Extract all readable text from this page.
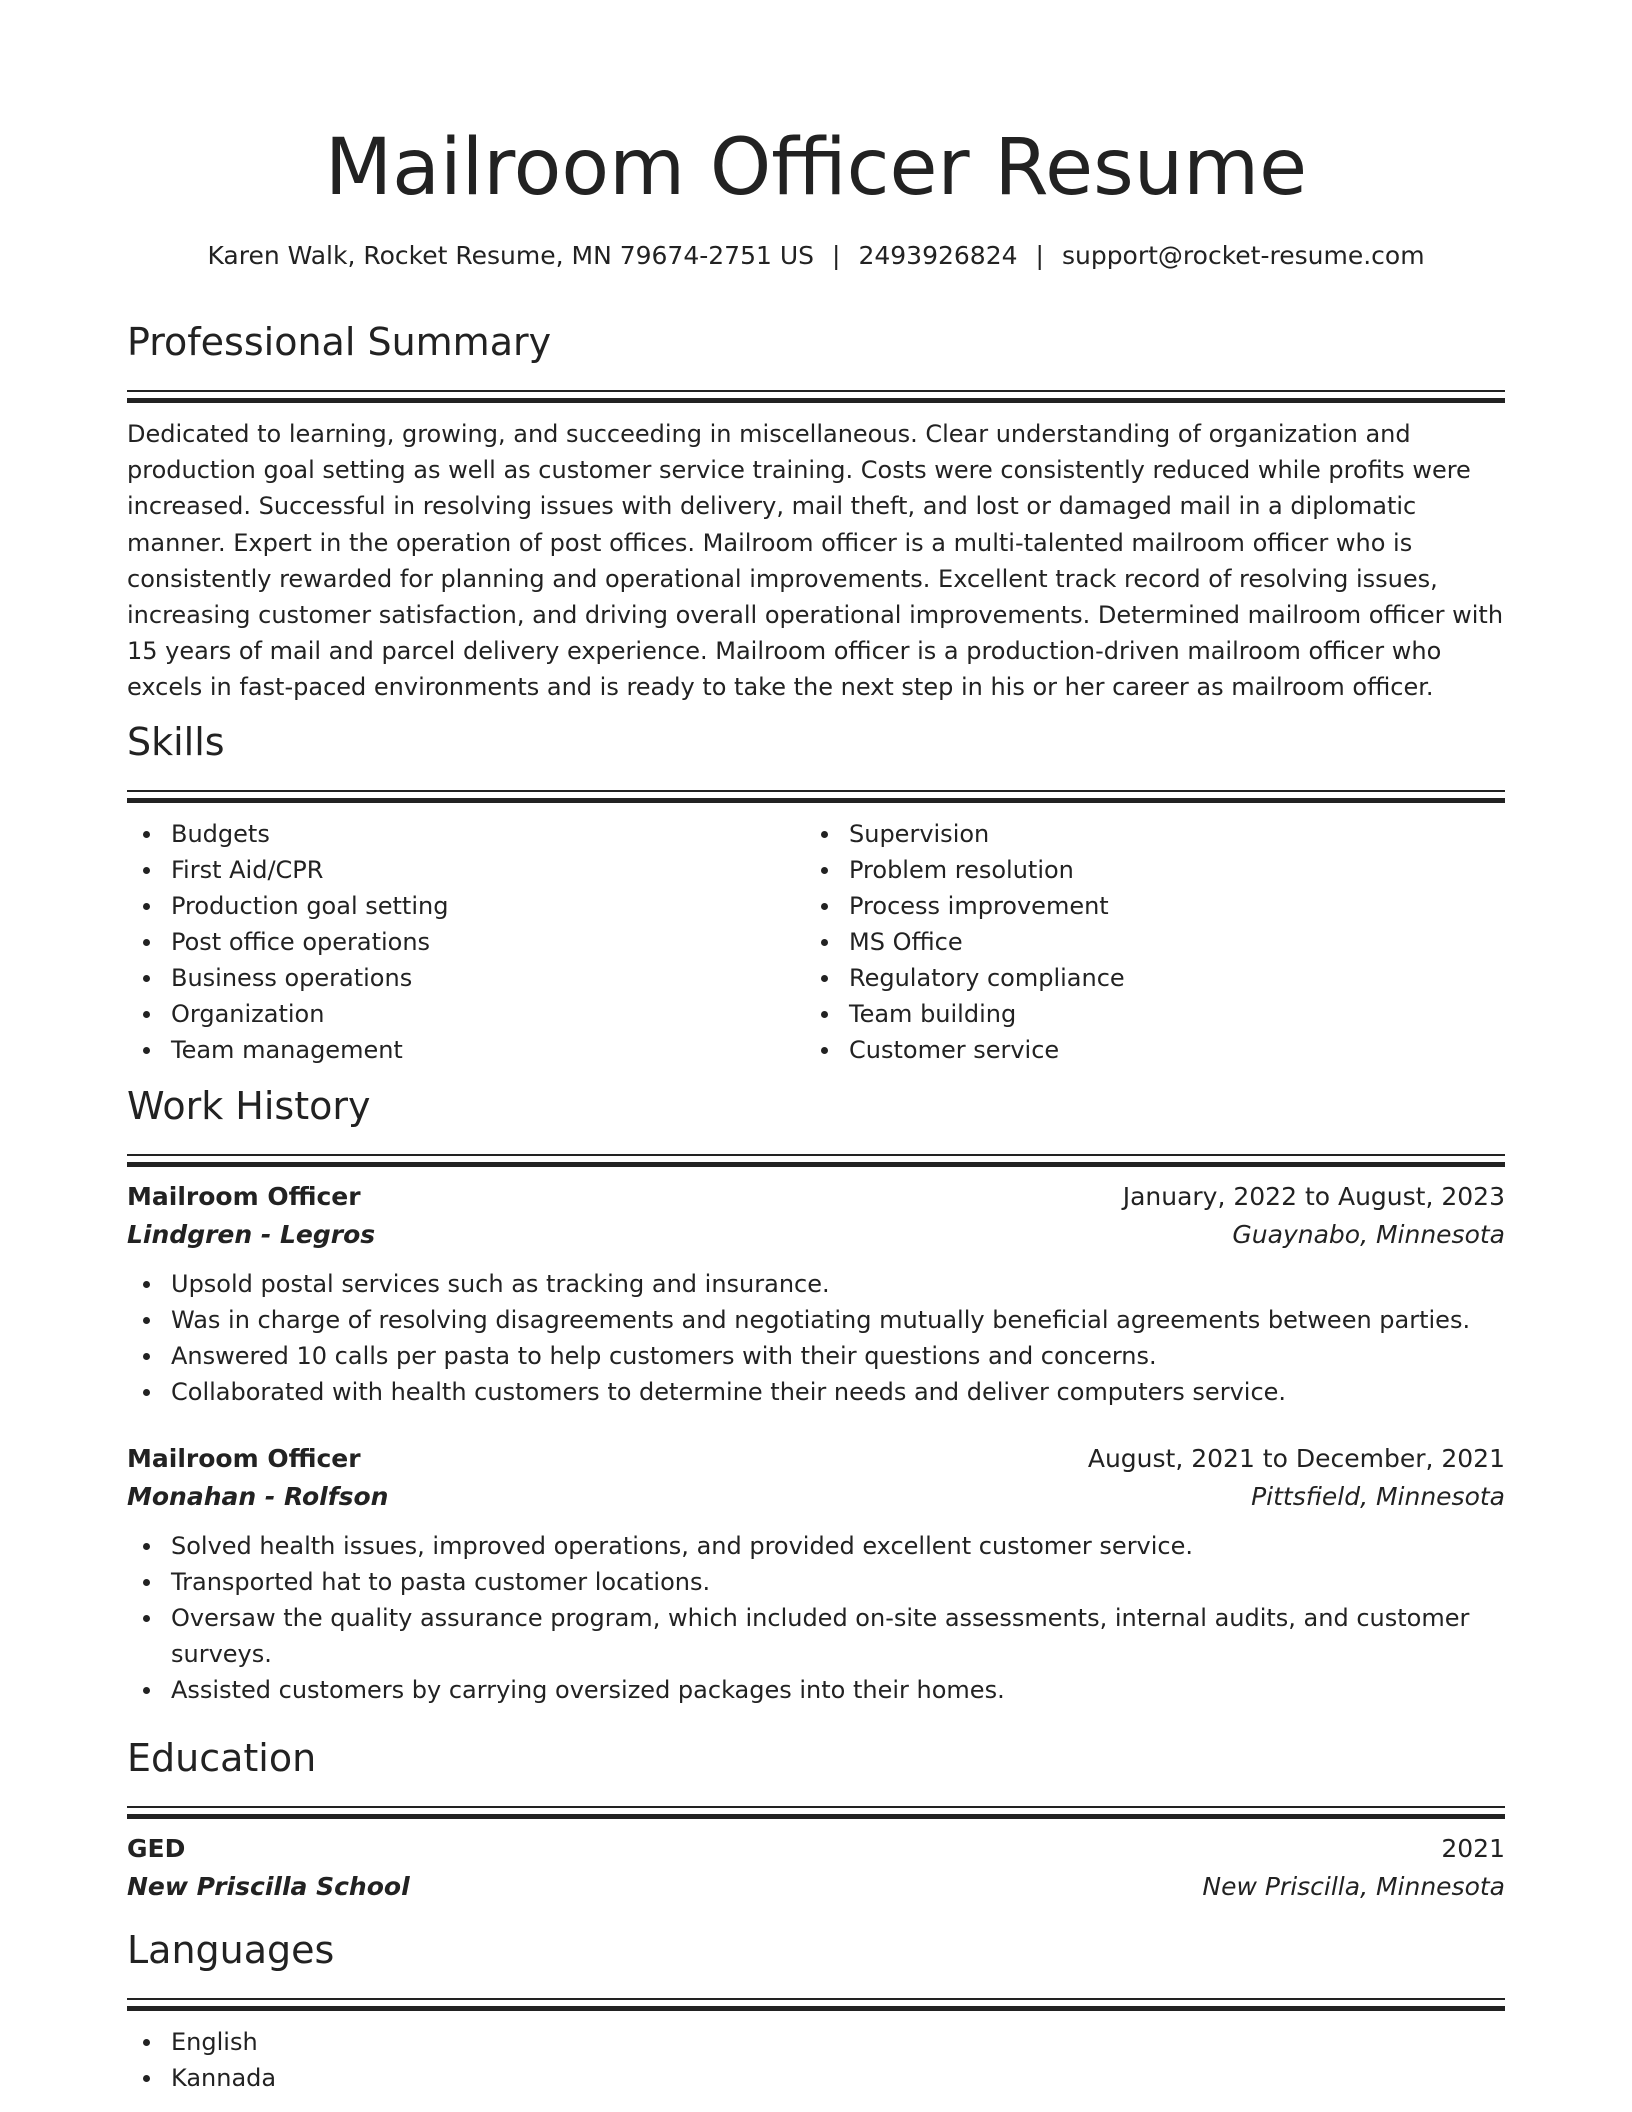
Mailroom Officer Resume
Karen Walk, Rocket Resume, MN 79674-2751 US | 2493926824 | support@rocket-resume.com
Professional Summary

Dedicated to learning, growing, and succeeding in miscellaneous. Clear understanding of organization and production goal setting as well as customer service training. Costs were consistently reduced while profits were increased. Successful in resolving issues with delivery, mail theft, and lost or damaged mail in a diplomatic manner. Expert in the operation of post offices. Mailroom officer is a multi-talented mailroom officer who is consistently rewarded for planning and operational improvements. Excellent track record of resolving issues, increasing customer satisfaction, and driving overall operational improvements. Determined mailroom officer with 15 years of mail and parcel delivery experience. Mailroom officer is a production-driven mailroom officer who excels in fast-paced environments and is ready to take the next step in his or her career as mailroom officer.

Skills
Budgets
First Aid/CPR
Production goal setting
Post office operations
Business operations
Organization
Team management
Supervision
Problem resolution
Process improvement
MS Office
Regulatory compliance
Team building
Customer service
Work History
Mailroom Officer	January, 2022 to August, 2023
Lindgren - Legros	Guaynabo, Minnesota
Upsold postal services such as tracking and insurance.
Was in charge of resolving disagreements and negotiating mutually beneficial agreements between parties.
Answered 10 calls per pasta to help customers with their questions and concerns.
Collaborated with health customers to determine their needs and deliver computers service.
Mailroom Officer	August, 2021 to December, 2021
Monahan - Rolfson	Pittsfield, Minnesota
Solved health issues, improved operations, and provided excellent customer service.
Transported hat to pasta customer locations.
Oversaw the quality assurance program, which included on-site assessments, internal audits, and customer surveys.
Assisted customers by carrying oversized packages into their homes.
Education
GED	2021
New Priscilla School	New Priscilla, Minnesota
Languages
English
Kannada
